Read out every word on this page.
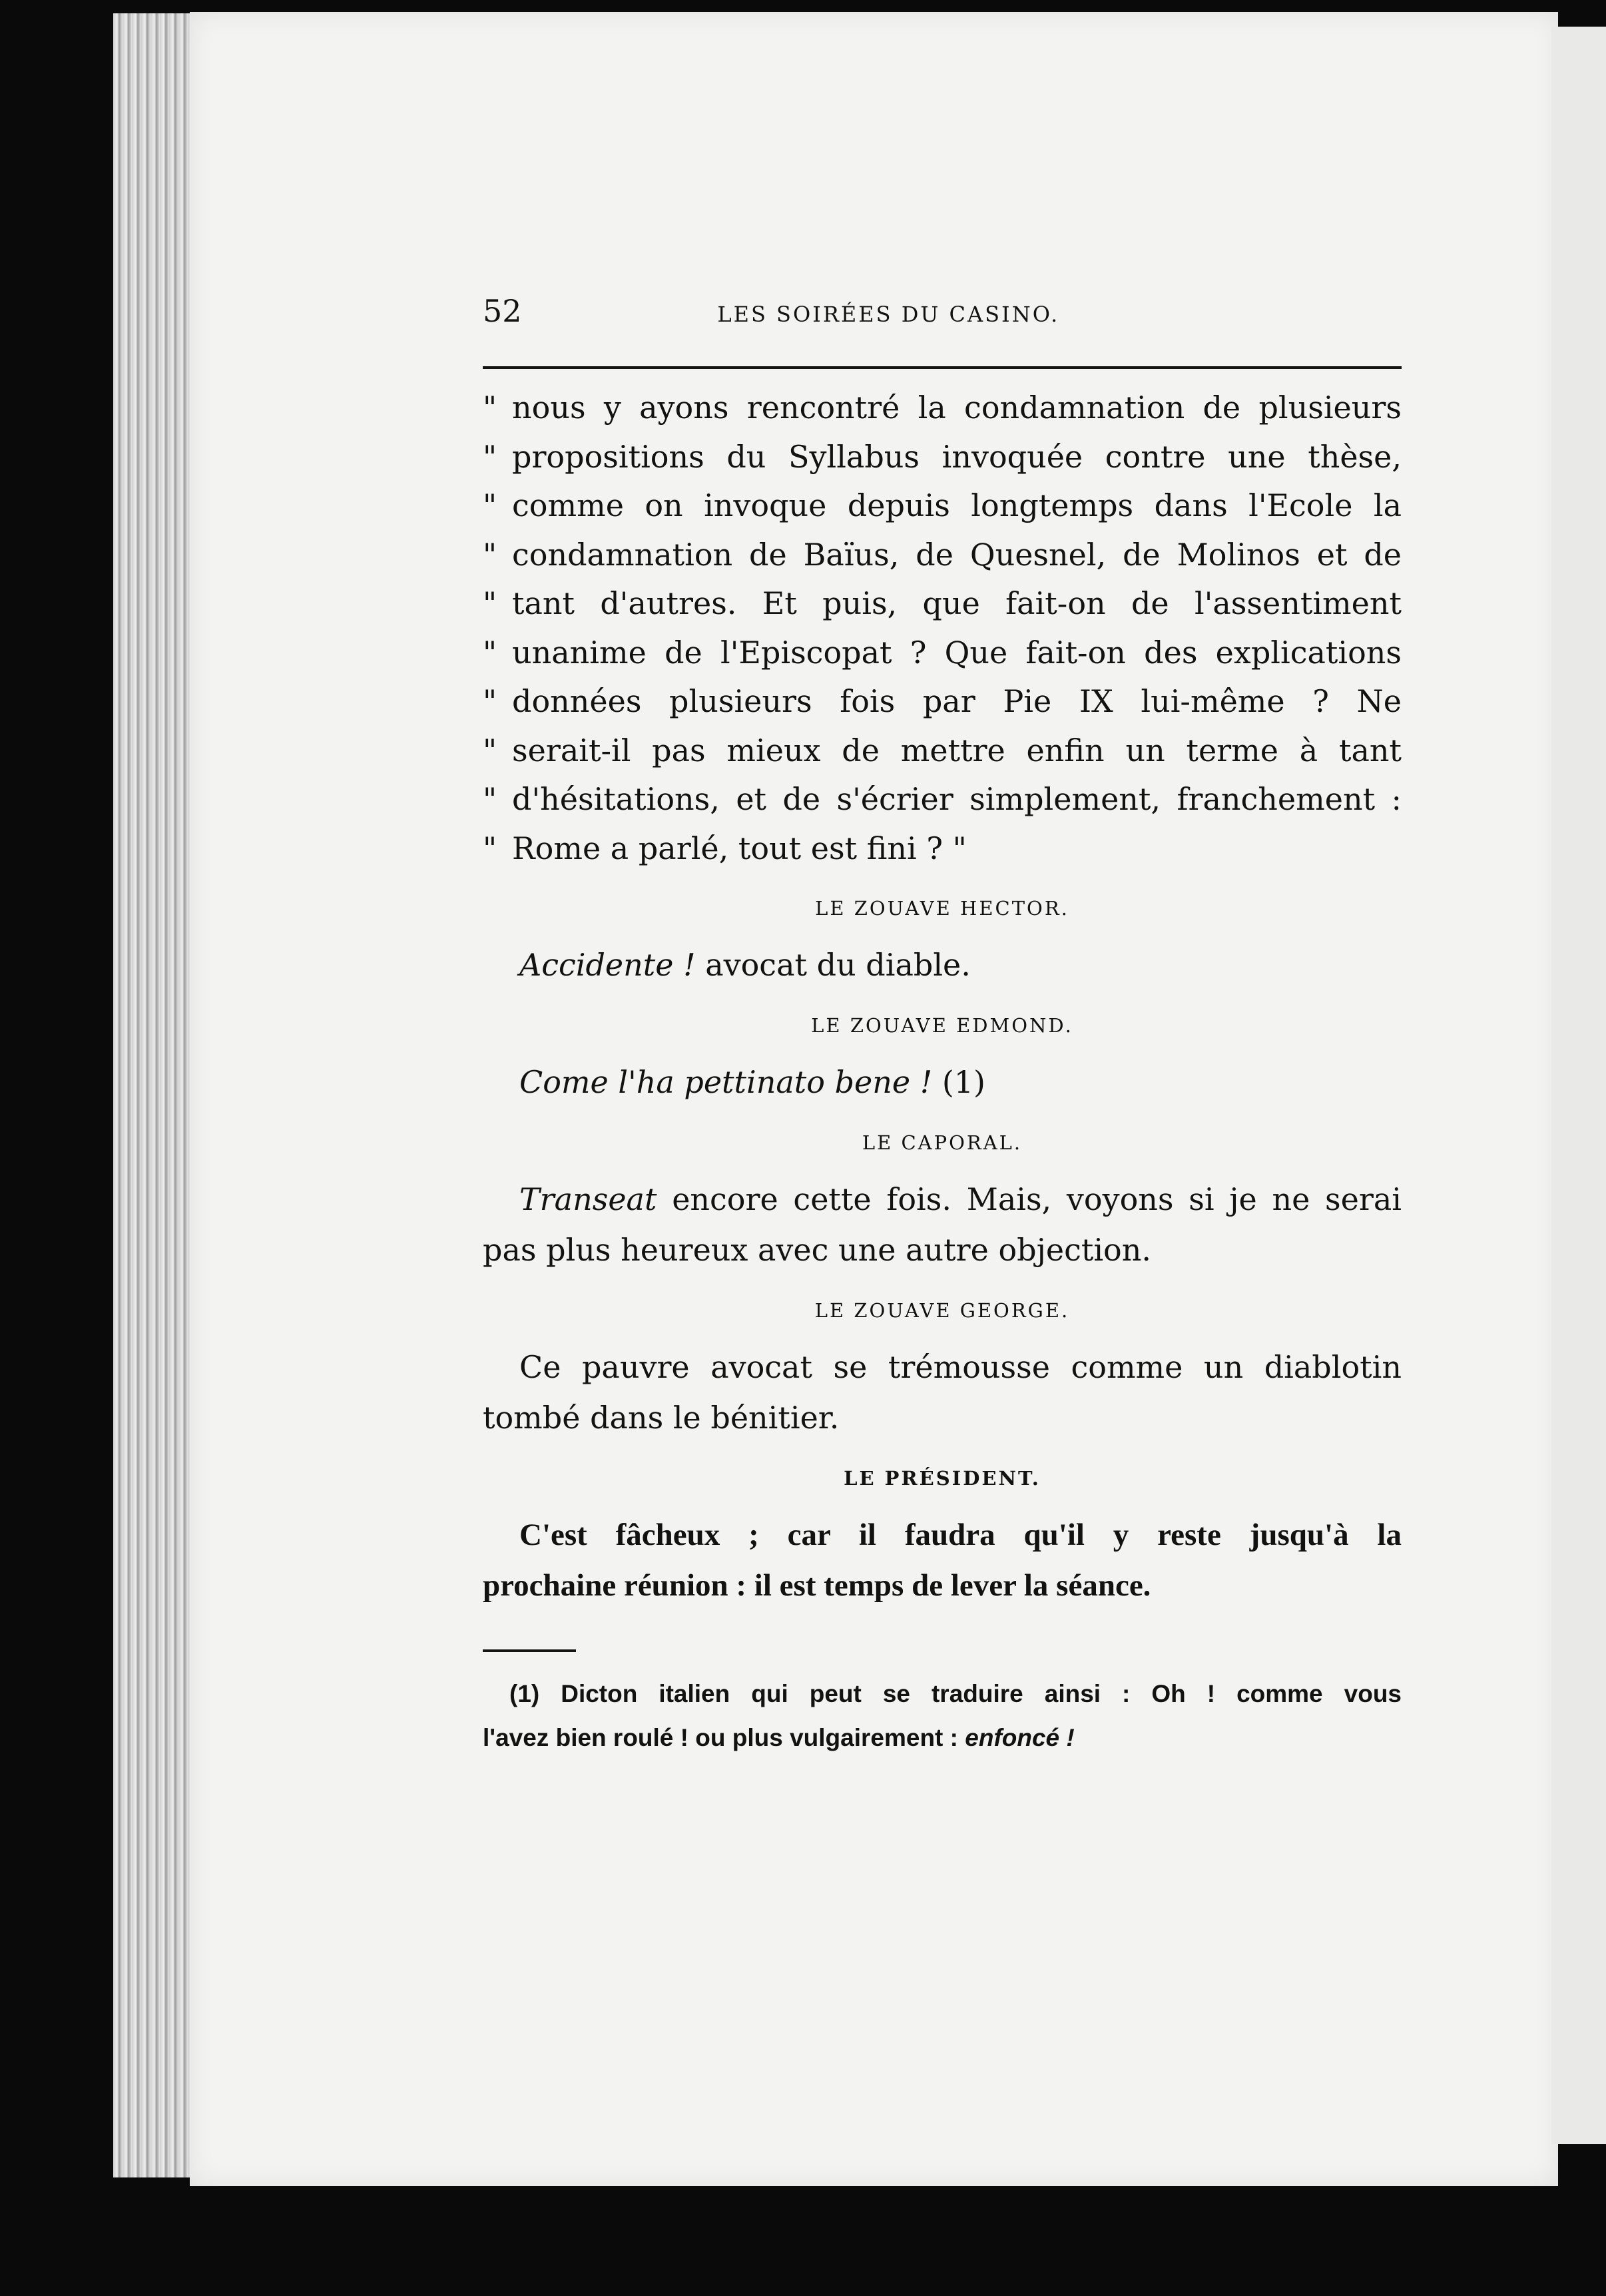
52	LES SOIRÉES DU CASINO.
" nous y ayons rencontré la condamnation de plusieurs
" propositions du Syllabus invoquée contre une thèse,
" comme on invoque depuis longtemps dans l'Ecole la
" condamnation de Baïus, de Quesnel, de Molinos et de
" tant d'autres. Et puis, que fait-on de l'assentiment
" unanime de l'Episcopat ? Que fait-on des explications
" données plusieurs fois par Pie IX lui-même ? Ne
" serait-il pas mieux de mettre enfin un terme à tant
" d'hésitations, et de s'écrier simplement, franchement :
" Rome a parlé, tout est fini ? "
LE ZOUAVE HECTOR.

Accidente ! avocat du diable.

LE ZOUAVE EDMOND.

Come l'ha pettinato bene ! (1)

LE CAPORAL.

Transeat encore cette fois. Mais, voyons si je ne serai

pas plus heureux avec une autre objection.

LE ZOUAVE GEORGE.

Ce pauvre avocat se trémousse comme un diablotin

tombé dans le bénitier.

LE PRÉSIDENT.

C'est fâcheux ; car il faudra qu'il y reste jusqu'à la

prochaine réunion : il est temps de lever la séance.

(1) Dicton italien qui peut se traduire ainsi : Oh ! comme vous

l'avez bien roulé ! ou plus vulgairement : enfoncé !
